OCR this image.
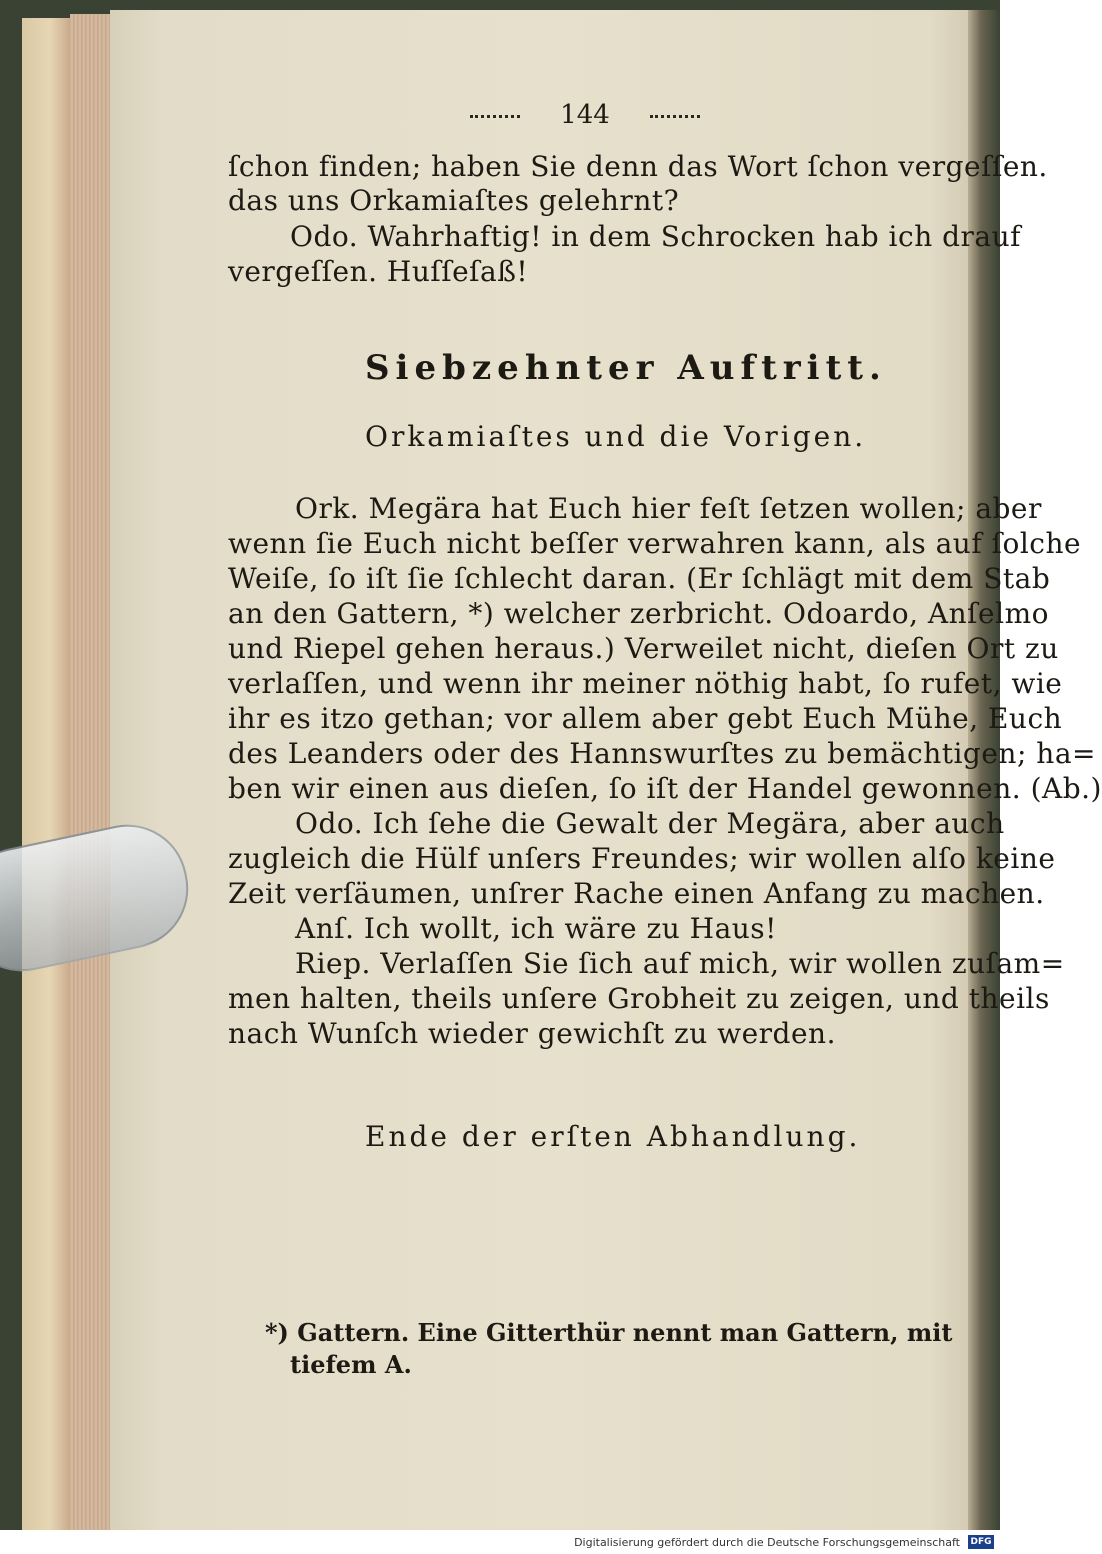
144
ſchon finden; haben Sie denn das Wort ſchon vergeſſen.
das uns Orkamiaſtes gelehrnt?
Odo. Wahrhaftig! in dem Schrocken hab ich drauf
vergeſſen. Huſſeſaß!
Siebzehnter Auftritt.
Orkamiaſtes und die Vorigen.
Ork. Megära hat Euch hier feſt ſetzen wollen; aber
wenn ſie Euch nicht beſſer verwahren kann, als auf ſolche
Weiſe, ſo iſt ſie ſchlecht daran. (Er ſchlägt mit dem Stab
an den Gattern, *) welcher zerbricht. Odoardo, Anſelmo
und Riepel gehen heraus.) Verweilet nicht, dieſen Ort zu
verlaſſen, und wenn ihr meiner nöthig habt, ſo rufet, wie
ihr es itzo gethan; vor allem aber gebt Euch Mühe, Euch
des Leanders oder des Hannswurſtes zu bemächtigen; ha=
ben wir einen aus dieſen, ſo iſt der Handel gewonnen. (Ab.)
Odo. Ich ſehe die Gewalt der Megära, aber auch
zugleich die Hülf unſers Freundes; wir wollen alſo keine
Zeit verſäumen, unſrer Rache einen Anfang zu machen.
Anſ. Ich wollt, ich wäre zu Haus!
Riep. Verlaſſen Sie ſich auf mich, wir wollen zuſam=
men halten, theils unſere Grobheit zu zeigen, und theils
nach Wunſch wieder gewichſt zu werden.
Ende der erſten Abhandlung.
*) Gattern. Eine Gitterthür nennt man Gattern, mit
tiefem A.
Digitalisierung gefördert durch die Deutsche Forschungsgemeinschaft DFG
